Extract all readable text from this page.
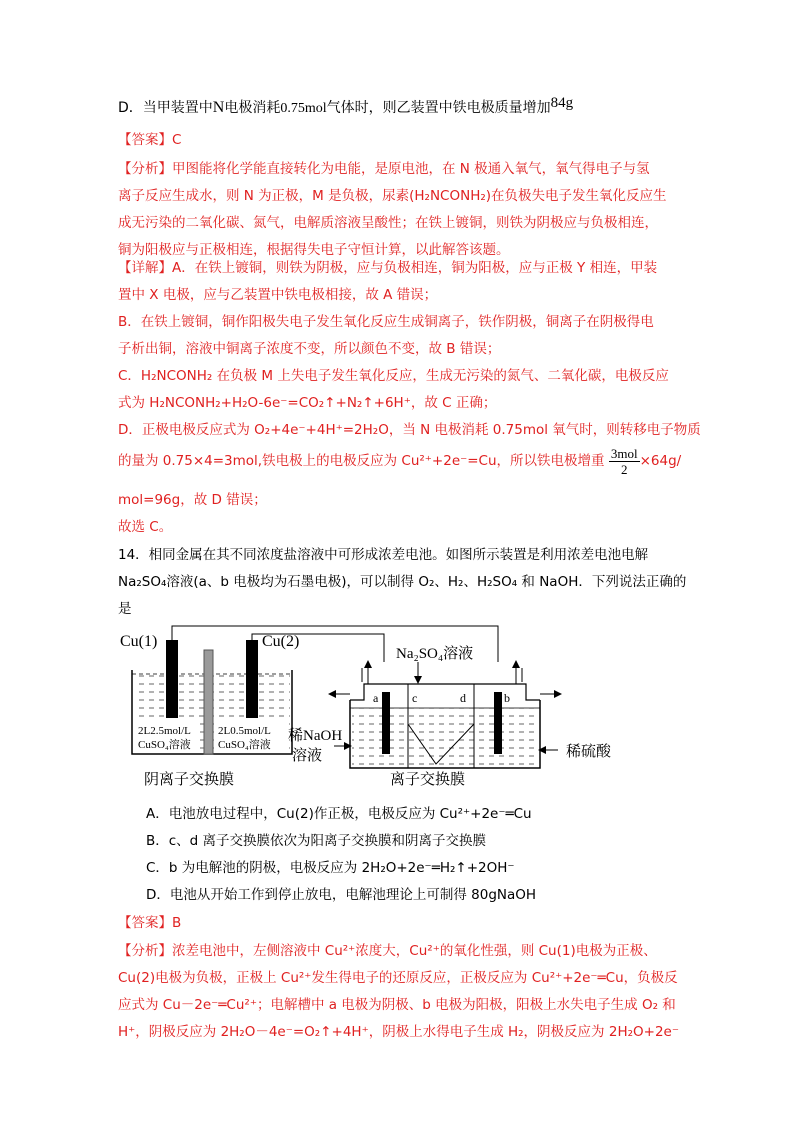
D．当甲装置中N电极消耗0.75mol气体时，则乙装置中铁电极质量增加84g
【答案】C
【分析】甲图能将化学能直接转化为电能，是原电池，在 N 极通入氧气，氧气得电子与氢
离子反应生成水，则 N 为正极，M 是负极，尿素(H₂NCONH₂)在负极失电子发生氧化反应生
成无污染的二氧化碳、氮气，电解质溶液呈酸性；在铁上镀铜，则铁为阴极应与负极相连，
铜为阳极应与正极相连，根据得失电子守恒计算，以此解答该题。
【详解】A．在铁上镀铜，则铁为阴极，应与负极相连，铜为阳极，应与正极 Y 相连，甲装
置中 X 电极，应与乙装置中铁电极相接，故 A 错误；
B．在铁上镀铜，铜作阳极失电子发生氧化反应生成铜离子，铁作阴极，铜离子在阴极得电
子析出铜，溶液中铜离子浓度不变，所以颜色不变，故 B 错误；
C．H₂NCONH₂ 在负极 M 上失电子发生氧化反应，生成无污染的氮气、二氧化碳，电极反应
式为 H₂NCONH₂+H₂O-6e⁻=CO₂↑+N₂↑+6H⁺，故 C 正确；
D．正极电极反应式为 O₂+4e⁻+4H⁺=2H₂O，当 N 电极消耗 0.75mol 氧气时，则转移电子物质
的量为 0.75×4=3mol,铁电极上的电极反应为 Cu²⁺+2e⁻=Cu，所以铁电极增重 $\frac{\text{3mol}}{2} \times 64g/$
mol=96g，故 D 错误；
故选 C。
14．相同金属在其不同浓度盐溶液中可形成浓差电池。如图所示装置是利用浓差电池电解
Na₂SO₄溶液(a、b 电极均为石墨电极)，可以制得 O₂、H₂、H₂SO₄ 和 NaOH．下列说法正确的
是
Cu(1)	Cu(2)
2L2.5mol/L
CuSO₄溶液
2L0.5mol/L
CuSO₄溶液
阴离子交换膜
a	b
c	d
Na₂SO₄溶液
稀NaOH
溶液	稀硫酸
离子交换膜
A．电池放电过程中，Cu(2)作正极，电极反应为 Cu²⁺+2e⁻═Cu
B．c、d 离子交换膜依次为阳离子交换膜和阴离子交换膜
C．b 为电解池的阴极，电极反应为 2H₂O+2e⁻═H₂↑+2OH⁻
D．电池从开始工作到停止放电，电解池理论上可制得 80gNaOH
【答案】B
【分析】浓差电池中，左侧溶液中 Cu²⁺浓度大，Cu²⁺的氧化性强，则 Cu(1)电极为正极、
Cu(2)电极为负极，正极上 Cu²⁺发生得电子的还原反应，正极反应为 Cu²⁺+2e⁻═Cu，负极反
应式为 Cu－2e⁻═Cu²⁺；电解槽中 a 电极为阴极、b 电极为阳极，阳极上水失电子生成 O₂ 和
H⁺，阴极反应为 2H₂O－4e⁻=O₂↑+4H⁺，阴极上水得电子生成 H₂，阴极反应为 2H₂O+2e⁻
